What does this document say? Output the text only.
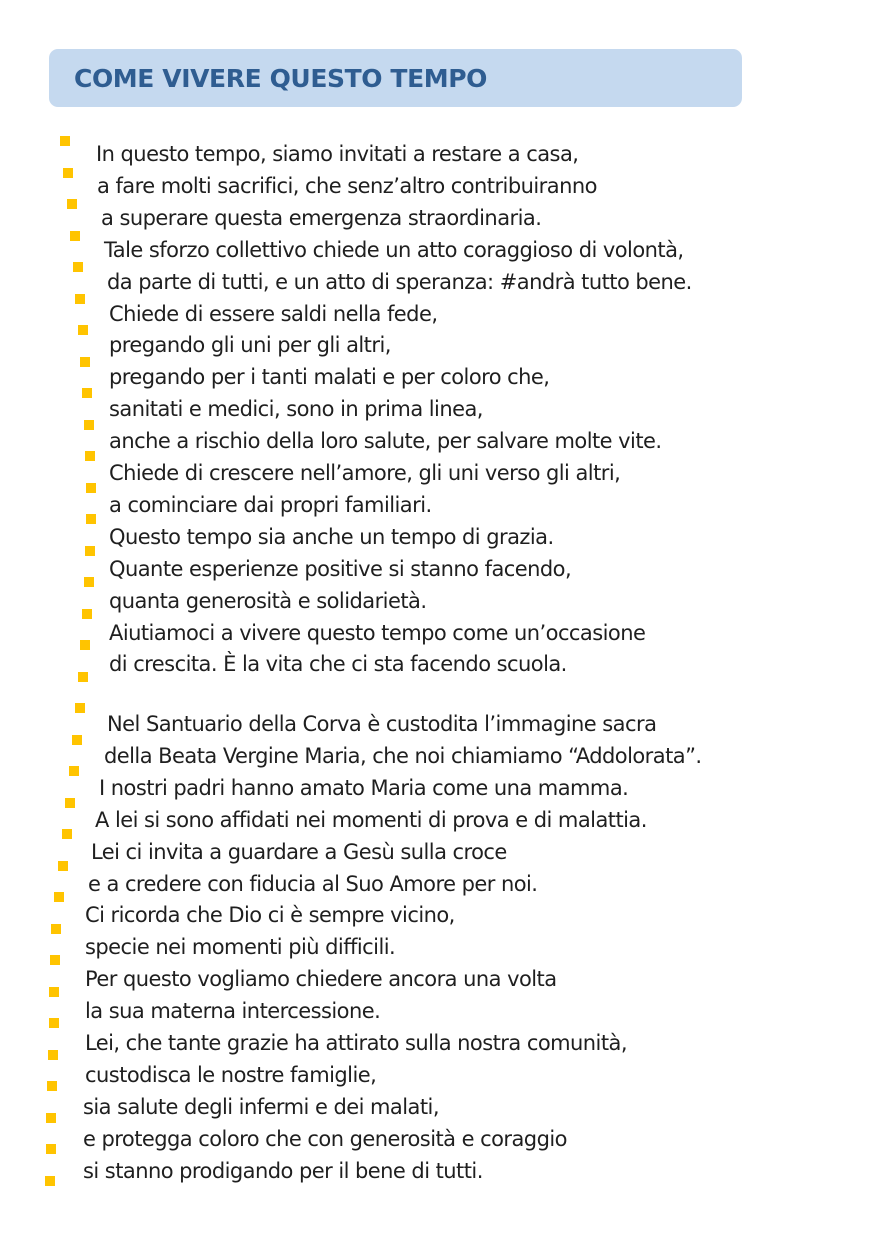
COME VIVERE QUESTO TEMPO
In questo tempo, siamo invitati a restare a casa,
a fare molti sacrifici, che senz’altro contribuiranno
a superare questa emergenza straordinaria.
Tale sforzo collettivo chiede un atto coraggioso di volontà,
da parte di tutti, e un atto di speranza: #andrà tutto bene.
Chiede di essere saldi nella fede,
pregando gli uni per gli altri,
pregando per i tanti malati e per coloro che,
sanitati e medici, sono in prima linea,
anche a rischio della loro salute, per salvare molte vite.
Chiede di crescere nell’amore, gli uni verso gli altri,
a cominciare dai propri familiari.
Questo tempo sia anche un tempo di grazia.
Quante esperienze positive si stanno facendo,
quanta generosità e solidarietà.
Aiutiamoci a vivere questo tempo come un’occasione
di crescita. È la vita che ci sta facendo scuola.
Nel Santuario della Corva è custodita l’immagine sacra
della Beata Vergine Maria, che noi chiamiamo “Addolorata”.
I nostri padri hanno amato Maria come una mamma.
A lei si sono affidati nei momenti di prova e di malattia.
Lei ci invita a guardare a Gesù sulla croce
e a credere con fiducia al Suo Amore per noi.
Ci ricorda che Dio ci è sempre vicino,
specie nei momenti più difficili.
Per questo vogliamo chiedere ancora una volta
la sua materna intercessione.
Lei, che tante grazie ha attirato sulla nostra comunità,
custodisca le nostre famiglie,
sia salute degli infermi e dei malati,
e protegga coloro che con generosità e coraggio
si stanno prodigando per il bene di tutti.
